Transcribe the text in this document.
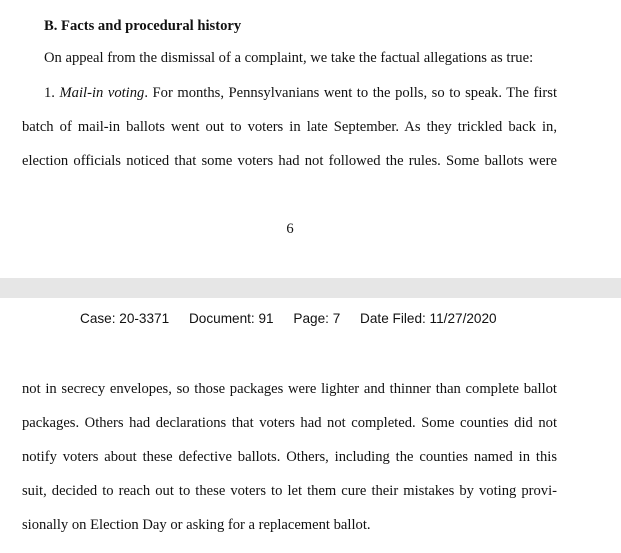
B. Facts and procedural history
On appeal from the dismissal of a complaint, we take the factual allegations as true:
1. Mail-in voting. For months, Pennsylvanians went to the polls, so to speak. The first
batch of mail-in ballots went out to voters in late September. As they trickled back in,
election officials noticed that some voters had not followed the rules. Some ballots were
6
Case: 20-3371 Document: 91 Page: 7 Date Filed: 11/27/2020
not in secrecy envelopes, so those packages were lighter and thinner than complete ballot
packages. Others had declarations that voters had not completed. Some counties did not
notify voters about these defective ballots. Others, including the counties named in this
suit, decided to reach out to these voters to let them cure their mistakes by voting provi-
sionally on Election Day or asking for a replacement ballot.
